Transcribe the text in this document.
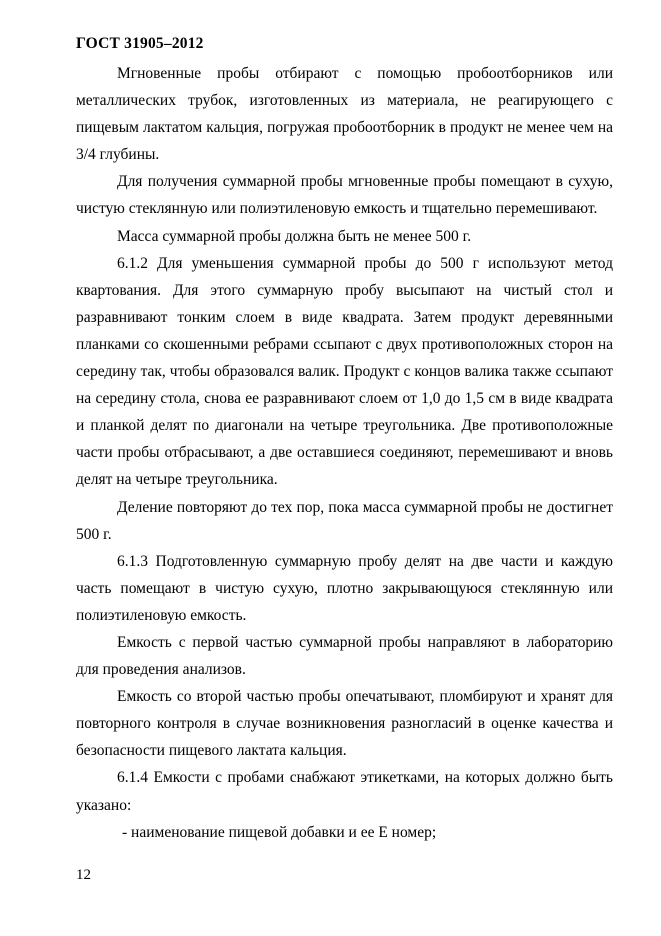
ГОСТ 31905–2012

Мгновенные пробы отбирают с помощью пробоотборников или металлических трубок, изготовленных из материала, не реагирующего с пищевым лактатом кальция, погружая пробоотборник в продукт не менее чем на 3/4 глубины.

Для получения суммарной пробы мгновенные пробы помещают в сухую, чистую стеклянную или полиэтиленовую емкость и тщательно перемешивают.

Масса суммарной пробы должна быть не менее 500 г.

6.1.2 Для уменьшения суммарной пробы до 500 г используют метод квартования. Для этого суммарную пробу высыпают на чистый стол и разравнивают тонким слоем в виде квадрата. Затем продукт деревянными планками со скошенными ребрами ссыпают с двух противоположных сторон на середину так, чтобы образовался валик. Продукт с концов валика также ссыпают на середину стола, снова ее разравнивают слоем от 1,0 до 1,5 см в виде квадрата и планкой делят по диагонали на четыре треугольника. Две противоположные части пробы отбрасывают, а две оставшиеся соединяют, перемешивают и вновь делят на четыре треугольника.

Деление повторяют до тех пор, пока масса суммарной пробы не достигнет 500 г.

6.1.3 Подготовленную суммарную пробу делят на две части и каждую часть помещают в чистую сухую, плотно закрывающуюся стеклянную или полиэтиленовую емкость.

Емкость с первой частью суммарной пробы направляют в лабораторию для проведения анализов.

Емкость со второй частью пробы опечатывают, пломбируют и хранят для повторного контроля в случае возникновения разногласий в оценке качества и безопасности пищевого лактата кальция.

6.1.4 Емкости с пробами снабжают этикетками, на которых должно быть указано:

- наименование пищевой добавки и ее Е номер;

12
